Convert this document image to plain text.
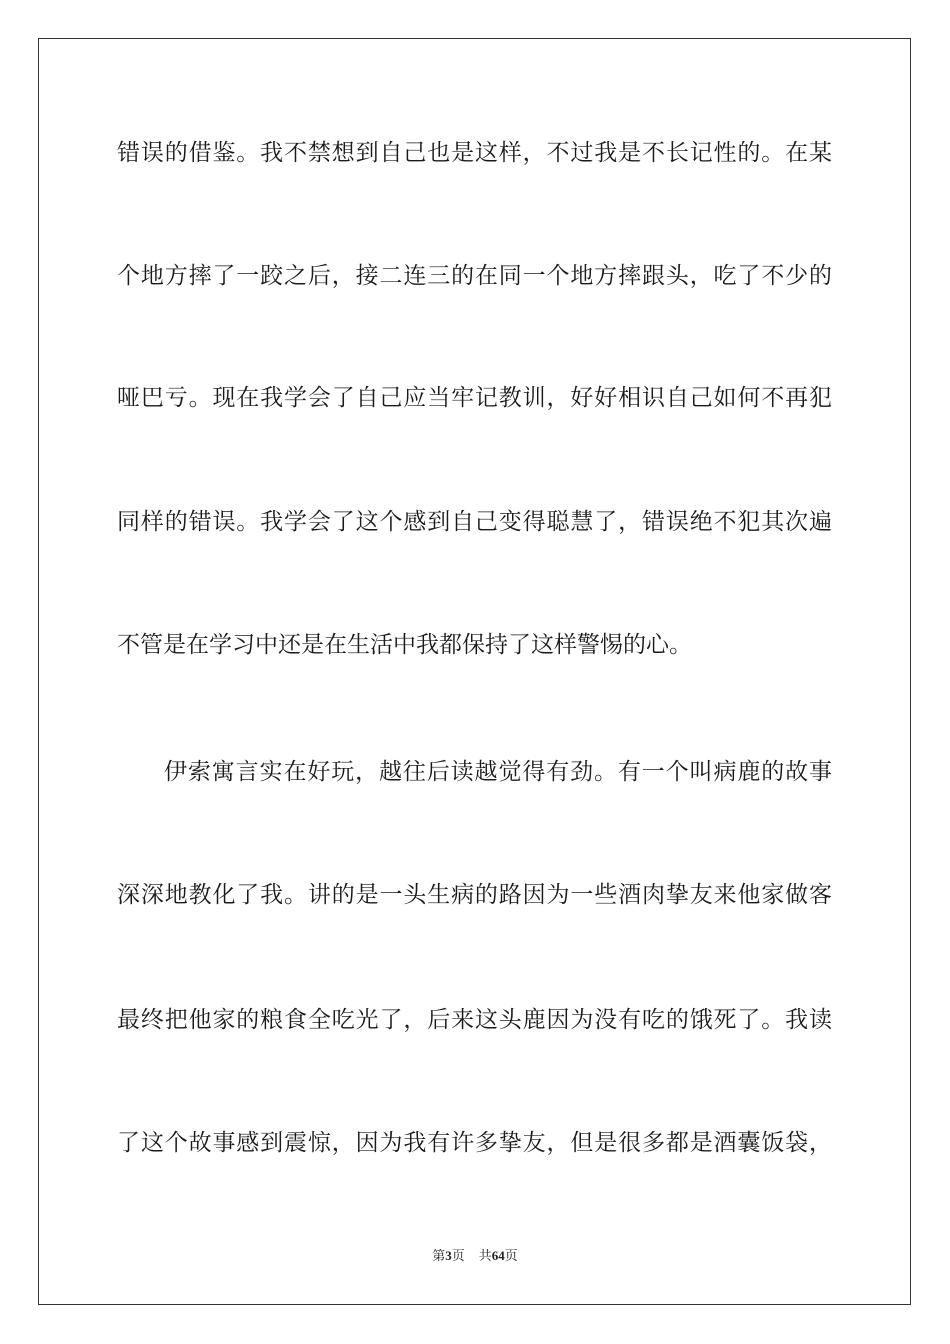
错误的借鉴。我不禁想到自己也是这样，不过我是不长记性的。在某
个地方摔了一跤之后，接二连三的在同一个地方摔跟头，吃了不少的
哑巴亏。现在我学会了自己应当牢记教训，好好相识自己如何不再犯
同样的错误。我学会了这个感到自己变得聪慧了，错误绝不犯其次遍
不管是在学习中还是在生活中我都保持了这样警惕的心。
伊索寓言实在好玩，越往后读越觉得有劲。有一个叫病鹿的故事
深深地教化了我。讲的是一头生病的路因为一些酒肉挚友来他家做客
最终把他家的粮食全吃光了，后来这头鹿因为没有吃的饿死了。我读
了这个故事感到震惊，因为我有许多挚友，但是很多都是酒囊饭袋，
第3页 共64页
